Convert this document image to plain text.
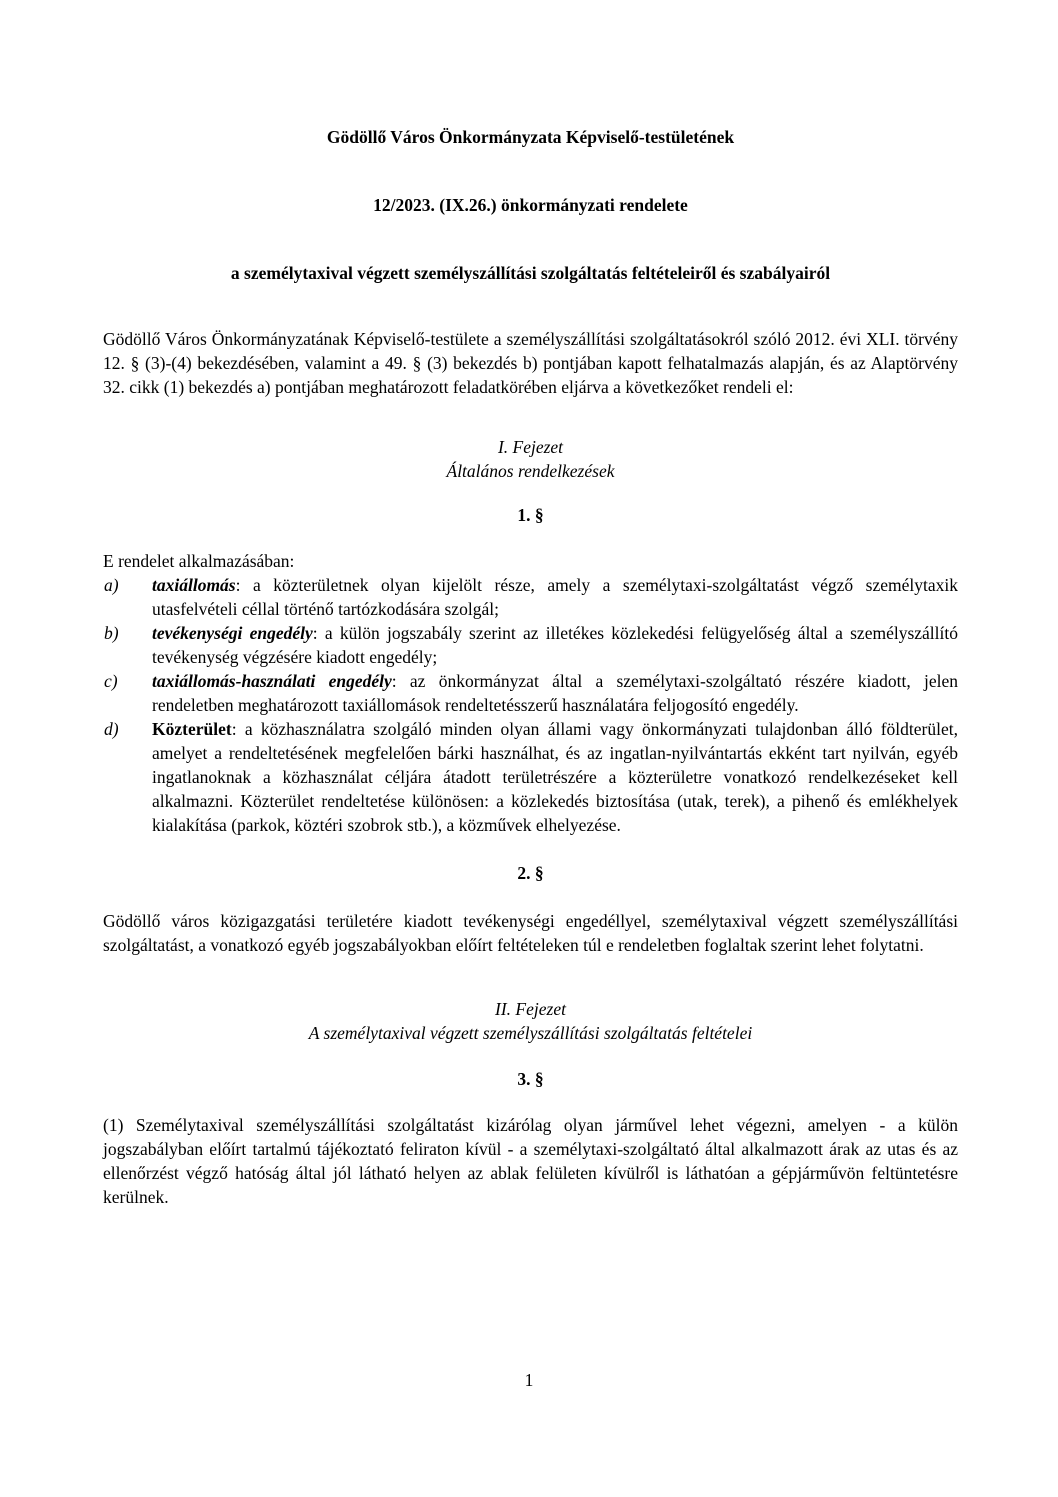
Gödöllő Város Önkormányzata Képviselő-testületének

12/2023. (IX.26.) önkormányzati rendelete

a személytaxival végzett személyszállítási szolgáltatás feltételeiről és szabályairól

Gödöllő Város Önkormányzatának Képviselő-testülete a személyszállítási szolgáltatásokról szóló 2012. évi XLI. törvény 12. § (3)-(4) bekezdésében, valamint a 49. § (3) bekezdés b) pontjában kapott felhatalmazás alapján, és az Alaptörvény 32. cikk (1) bekezdés a) pontjában meghatározott feladatkörében eljárva a következőket rendeli el:

I. Fejezet
Általános rendelkezések

1. §

E rendelet alkalmazásában:

a) taxiállomás: a közterületnek olyan kijelölt része, amely a személytaxi-szolgáltatást végző személytaxik utasfelvételi céllal történő tartózkodására szolgál;
b) tevékenységi engedély: a külön jogszabály szerint az illetékes közlekedési felügyelőség által a személyszállító tevékenység végzésére kiadott engedély;
c) taxiállomás-használati engedély: az önkormányzat által a személytaxi-szolgáltató részére kiadott, jelen rendeletben meghatározott taxiállomások rendeltetésszerű használatára feljogosító engedély.
d) Közterület: a közhasználatra szolgáló minden olyan állami vagy önkormányzati tulajdonban álló földterület, amelyet a rendeltetésének megfelelően bárki használhat, és az ingatlan-nyilvántartás ekként tart nyilván, egyéb ingatlanoknak a közhasználat céljára átadott területrészére a közterületre vonatkozó rendelkezéseket kell alkalmazni. Közterület rendeltetése különösen: a közlekedés biztosítása (utak, terek), a pihenő és emlékhelyek kialakítása (parkok, köztéri szobrok stb.), a közművek elhelyezése.

2. §

Gödöllő város közigazgatási területére kiadott tevékenységi engedéllyel, személytaxival végzett személyszállítási szolgáltatást, a vonatkozó egyéb jogszabályokban előírt feltételeken túl e rendeletben foglaltak szerint lehet folytatni.

II. Fejezet
A személytaxival végzett személyszállítási szolgáltatás feltételei

3. §

(1) Személytaxival személyszállítási szolgáltatást kizárólag olyan járművel lehet végezni, amelyen - a külön jogszabályban előírt tartalmú tájékoztató feliraton kívül - a személytaxi-szolgáltató által alkalmazott árak az utas és az ellenőrzést végző hatóság által jól látható helyen az ablak felületen kívülről is láthatóan a gépjárművön feltüntetésre kerülnek.

1
